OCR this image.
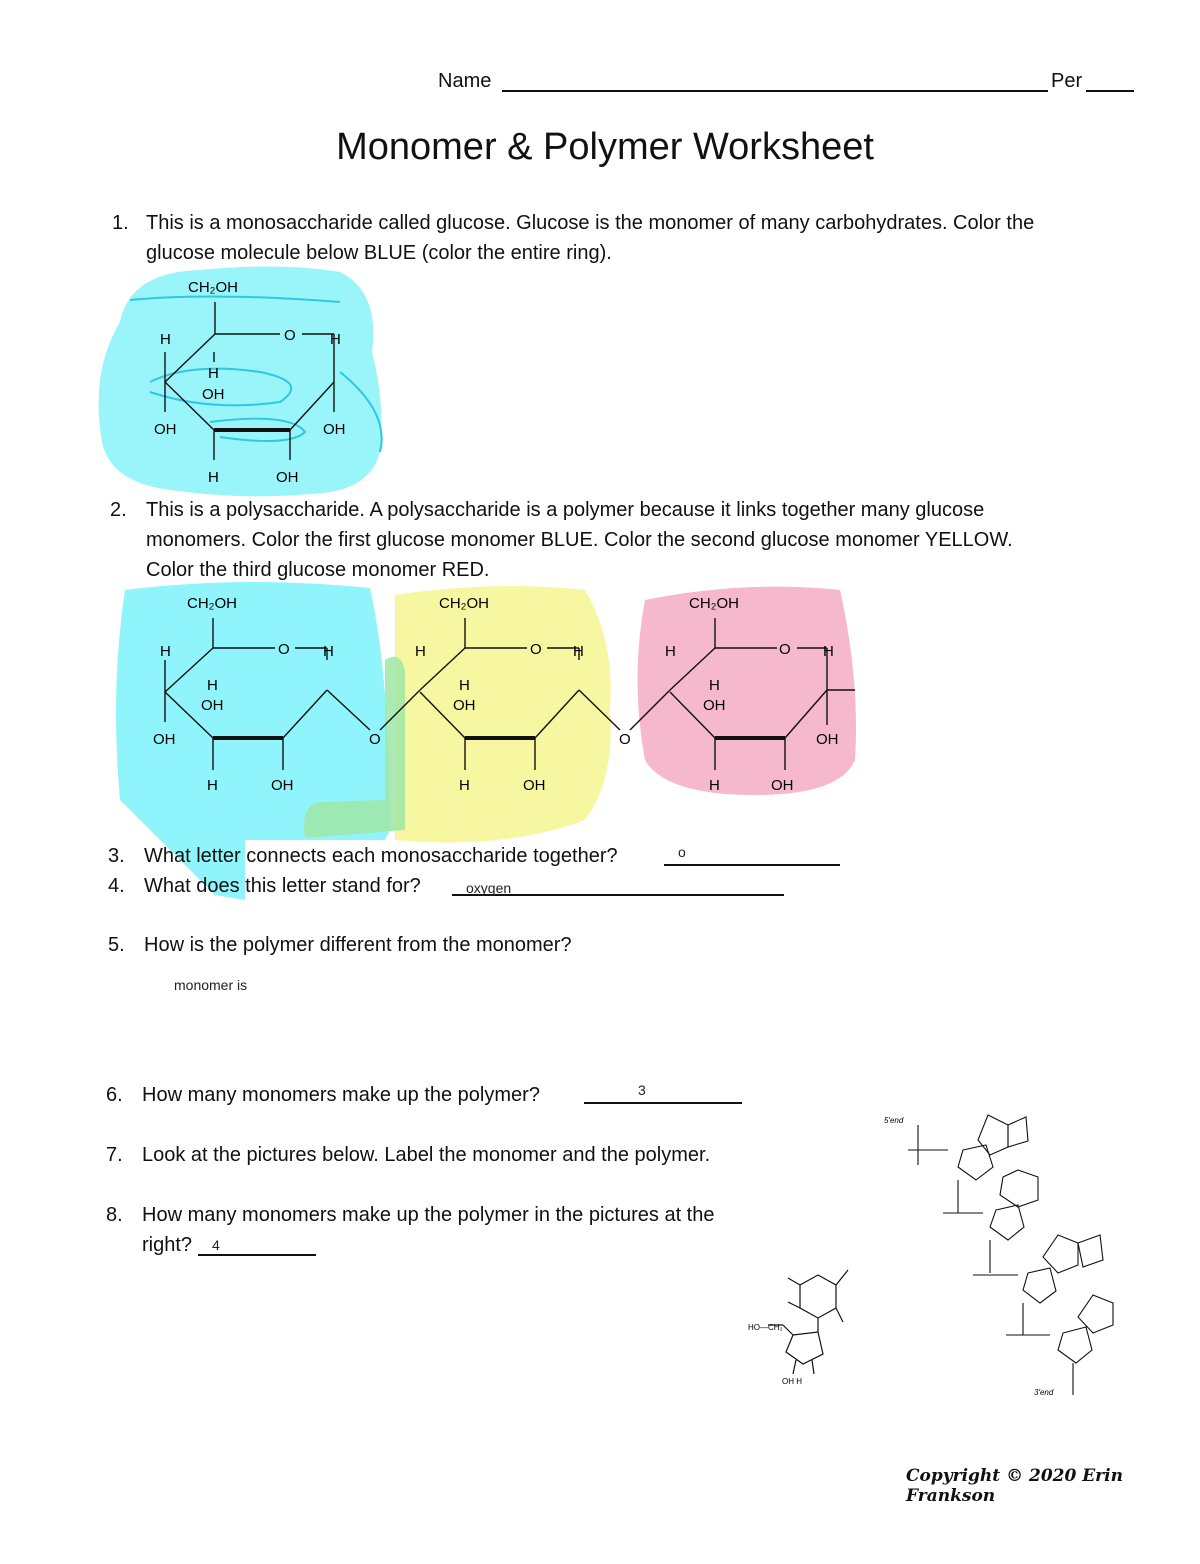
Name	Per
Monomer & Polymer Worksheet
1. This is a monosaccharide called glucose. Glucose is the monomer of many carbohydrates. Color the
glucose molecule below BLUE (color the entire ring).
CH₂OH
O
H	H
H
OH
OH	OH
H	OH
2. This is a polysaccharide. A polysaccharide is a polymer because it links together many glucose
monomers. Color the first glucose monomer BLUE. Color the second glucose monomer YELLOW.
Color the third glucose monomer RED.
CH₂OH
O
H	H
H
OH
OH
H	OH
O
CH₂OH
O
H	H
H
OH
H	OH
O
CH₂OH
O
H	H
H
OH
OH
H	OH
3. What letter connects each monosaccharide together?	o
4. What does this letter stand for?	oxygen
5. How is the polymer different from the monomer?
monomer is
6. How many monomers make up the polymer?	3
7. Look at the pictures below. Label the monomer and the polymer.
8. How many monomers make up the polymer in the pictures at the
right? 4
HO—CH₂
OH H
5'end
3'end
Copyright © 2020 Erin Frankson
